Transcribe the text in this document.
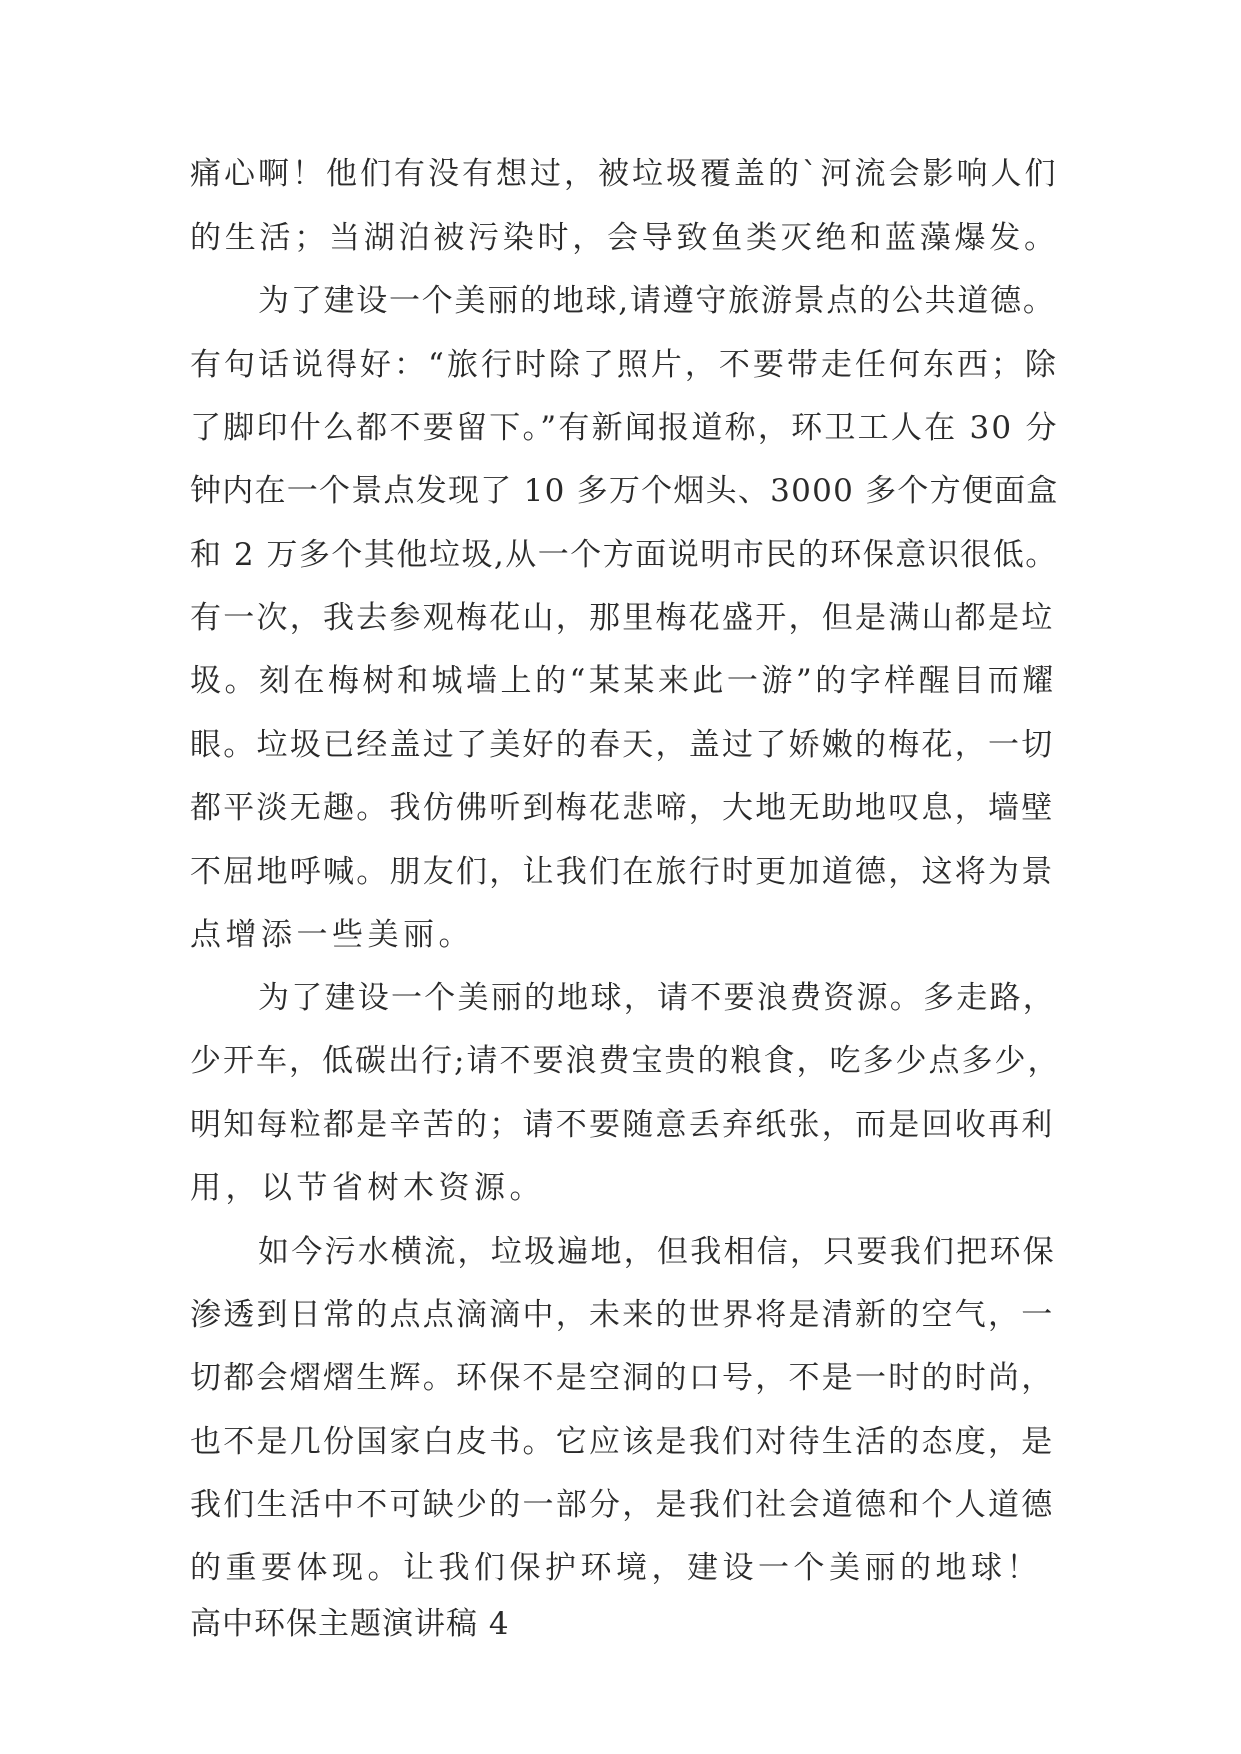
痛心啊！他们有没有想过，被垃圾覆盖的`河流会影响人们
的生活；当湖泊被污染时，会导致鱼类灭绝和蓝藻爆发。
为了建设一个美丽的地球,请遵守旅游景点的公共道德。
有句话说得好：“旅行时除了照片，不要带走任何东西；除
了脚印什么都不要留下。”有新闻报道称，环卫工人在 30 分
钟内在一个景点发现了 10 多万个烟头、3000 多个方便面盒
和 2 万多个其他垃圾,从一个方面说明市民的环保意识很低。
有一次，我去参观梅花山，那里梅花盛开，但是满山都是垃
圾。刻在梅树和城墙上的“某某来此一游”的字样醒目而耀
眼。垃圾已经盖过了美好的春天，盖过了娇嫩的梅花，一切
都平淡无趣。我仿佛听到梅花悲啼，大地无助地叹息，墙壁
不屈地呼喊。朋友们，让我们在旅行时更加道德，这将为景
点增添一些美丽。
为了建设一个美丽的地球，请不要浪费资源。多走路，
少开车，低碳出行;请不要浪费宝贵的粮食，吃多少点多少，
明知每粒都是辛苦的；请不要随意丢弃纸张，而是回收再利
用，以节省树木资源。
如今污水横流，垃圾遍地，但我相信，只要我们把环保
渗透到日常的点点滴滴中，未来的世界将是清新的空气，一
切都会熠熠生辉。环保不是空洞的口号，不是一时的时尚，
也不是几份国家白皮书。它应该是我们对待生活的态度，是
我们生活中不可缺少的一部分，是我们社会道德和个人道德
的重要体现。让我们保护环境，建设一个美丽的地球！
高中环保主题演讲稿 4
